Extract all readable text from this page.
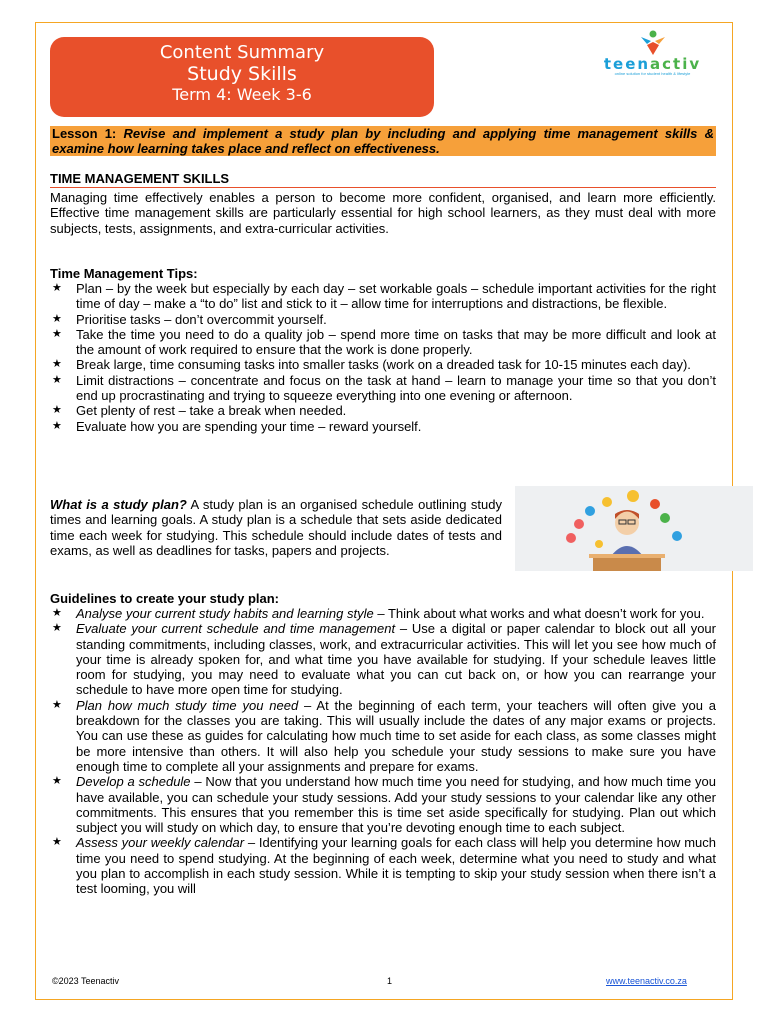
Content Summary
Study Skills
Term 4: Week 3-6
teenactiv
online solution for student health & lifestyle
Lesson 1: Revise and implement a study plan by including and applying time management skills & examine how learning takes place and reflect on effectiveness.
TIME MANAGEMENT SKILLS
Managing time effectively enables a person to become more confident, organised, and learn more efficiently. Effective time management skills are particularly essential for high school learners, as they must deal with more subjects, tests, assignments, and extra-curricular activities.
Time Management Tips:
★ Plan – by the week but especially by each day – set workable goals – schedule important activities for the right time of day – make a “to do” list and stick to it – allow time for interruptions and distractions, be flexible.
★ Prioritise tasks – don’t overcommit yourself.
★ Take the time you need to do a quality job – spend more time on tasks that may be more difficult and look at the amount of work required to ensure that the work is done properly.
★ Break large, time consuming tasks into smaller tasks (work on a dreaded task for 10-15 minutes each day).
★ Limit distractions – concentrate and focus on the task at hand – learn to manage your time so that you don’t end up procrastinating and trying to squeeze everything into one evening or afternoon.
★ Get plenty of rest – take a break when needed.
★ Evaluate how you are spending your time – reward yourself.
What is a study plan? A study plan is an organised schedule outlining study times and learning goals. A study plan is a schedule that sets aside dedicated time each week for studying. This schedule should include dates of tests and exams, as well as deadlines for tasks, papers and projects.
Guidelines to create your study plan:
★ Analyse your current study habits and learning style – Think about what works and what doesn’t work for you.
★ Evaluate your current schedule and time management – Use a digital or paper calendar to block out all your standing commitments, including classes, work, and extracurricular activities. This will let you see how much of your time is already spoken for, and what time you have available for studying. If your schedule leaves little room for studying, you may need to evaluate what you can cut back on, or how you can rearrange your schedule to have more open time for studying.
★ Plan how much study time you need – At the beginning of each term, your teachers will often give you a breakdown for the classes you are taking. This will usually include the dates of any major exams or projects. You can use these as guides for calculating how much time to set aside for each class, as some classes might be more intensive than others. It will also help you schedule your study sessions to make sure you have enough time to complete all your assignments and prepare for exams.
★ Develop a schedule – Now that you understand how much time you need for studying, and how much time you have available, you can schedule your study sessions. Add your study sessions to your calendar like any other commitments. This ensures that you remember this is time set aside specifically for studying. Plan out which subject you will study on which day, to ensure that you’re devoting enough time to each subject.
★ Assess your weekly calendar – Identifying your learning goals for each class will help you determine how much time you need to spend studying. At the beginning of each week, determine what you need to study and what you plan to accomplish in each study session. While it is tempting to skip your study session when there isn’t a test looming, you will
©2023 Teenactiv	1	www.teenactiv.co.za
